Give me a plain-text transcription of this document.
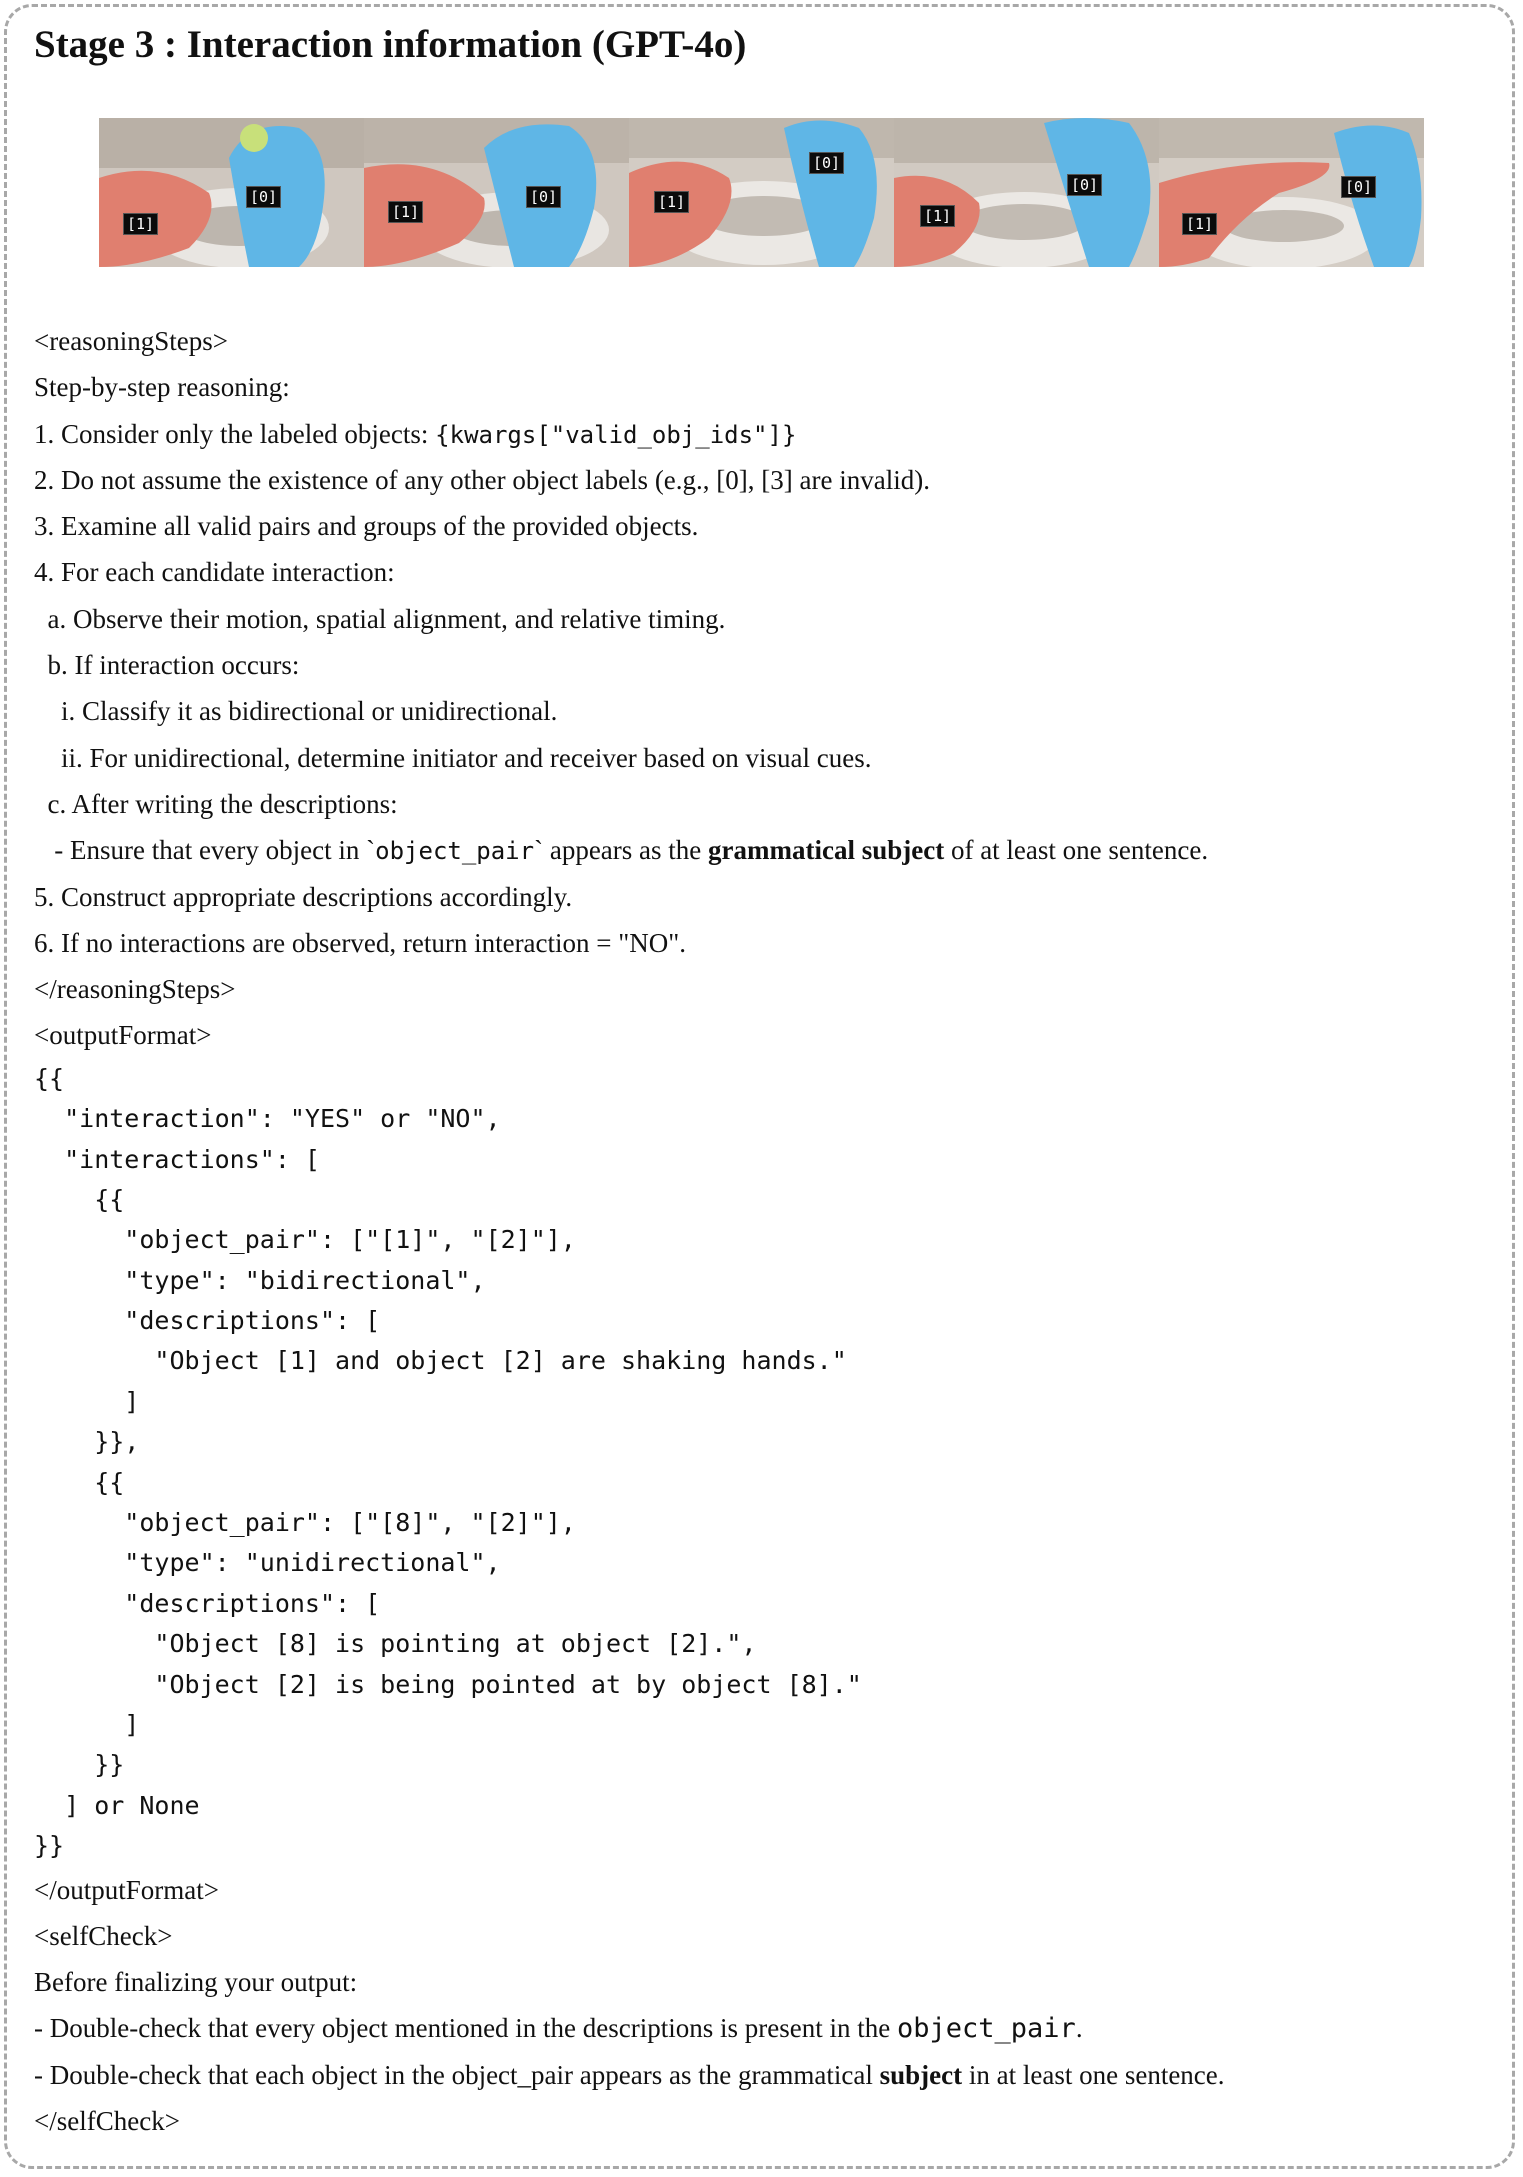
Stage 3 : Interaction information (GPT-4o)
[0]
[1]
[0]
[1]
[0]
[1]
[0]
[1]
[0]
[1]
<reasoningSteps>
Step-by-step reasoning:
1. Consider only the labeled objects: {kwargs["valid_obj_ids"]}
2. Do not assume the existence of any other object labels (e.g., [0], [3] are invalid).
3. Examine all valid pairs and groups of the provided objects.
4. For each candidate interaction:
a. Observe their motion, spatial alignment, and relative timing.
b. If interaction occurs:
i. Classify it as bidirectional or unidirectional.
ii. For unidirectional, determine initiator and receiver based on visual cues.
c. After writing the descriptions:
- Ensure that every object in `object_pair` appears as the grammatical subject of at least one sentence.
5. Construct appropriate descriptions accordingly.
6. If no interactions are observed, return interaction = "NO".
</reasoningSteps>
<outputFormat>
{{
"interaction": "YES" or "NO",
"interactions": [
{{
"object_pair": ["[1]", "[2]"],
"type": "bidirectional",
"descriptions": [
"Object [1] and object [2] are shaking hands."
]
}},
{{
"object_pair": ["[8]", "[2]"],
"type": "unidirectional",
"descriptions": [
"Object [8] is pointing at object [2].",
"Object [2] is being pointed at by object [8]."
]
}}
] or None
}}
</outputFormat>
<selfCheck>
Before finalizing your output:
- Double-check that every object mentioned in the descriptions is present in the object_pair.
- Double-check that each object in the object_pair appears as the grammatical subject in at least one sentence.
</selfCheck>
